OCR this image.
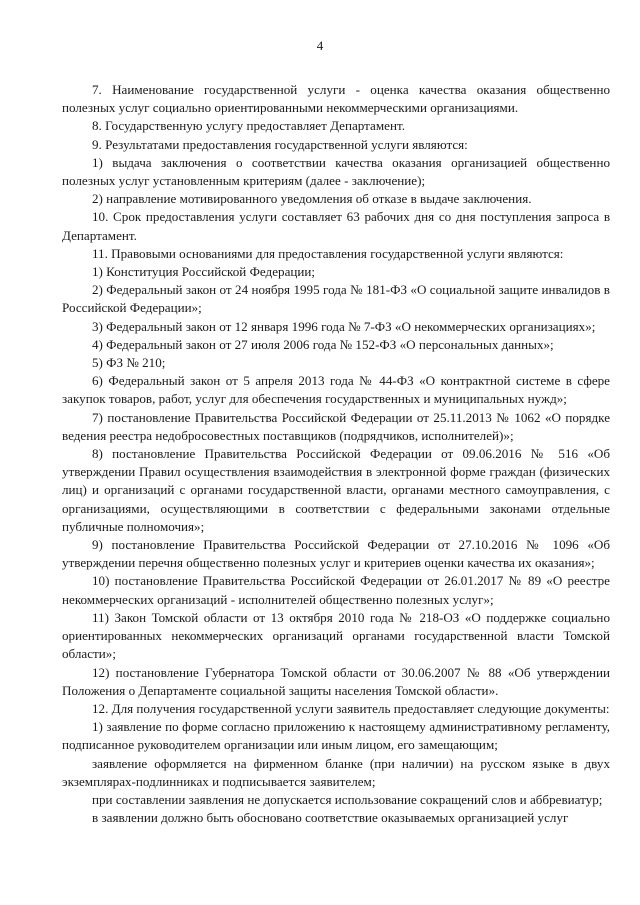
4

7. Наименование государственной услуги - оценка качества оказания общественно полезных услуг социально ориентированными некоммерческими организациями.

8. Государственную услугу предоставляет Департамент.

9. Результатами предоставления государственной услуги являются:

1) выдача заключения о соответствии качества оказания организацией общественно полезных услуг установленным критериям (далее - заключение);

2) направление мотивированного уведомления об отказе в выдаче заключения.

10. Срок предоставления услуги составляет 63 рабочих дня со дня поступления запроса в Департамент.

11. Правовыми основаниями для предоставления государственной услуги являются:

1) Конституция Российской Федерации;

2) Федеральный закон от 24 ноября 1995 года № 181-ФЗ «О социальной защите инвалидов в Российской Федерации»;

3) Федеральный закон от 12 января 1996 года № 7-ФЗ «О некоммерческих организациях»;

4) Федеральный закон от 27 июля 2006 года № 152-ФЗ «О персональных данных»;

5) ФЗ № 210;

6) Федеральный закон от 5 апреля 2013 года № 44-ФЗ «О контрактной системе в сфере закупок товаров, работ, услуг для обеспечения государственных и муниципальных нужд»;

7) постановление Правительства Российской Федерации от 25.11.2013 № 1062 «О порядке ведения реестра недобросовестных поставщиков (подрядчиков, исполнителей)»;

8) постановление Правительства Российской Федерации от 09.06.2016 № 516 «Об утверждении Правил осуществления взаимодействия в электронной форме граждан (физических лиц) и организаций с органами государственной власти, органами местного самоуправления, с организациями, осуществляющими в соответствии с федеральными законами отдельные публичные полномочия»;

9) постановление Правительства Российской Федерации от 27.10.2016 № 1096 «Об утверждении перечня общественно полезных услуг и критериев оценки качества их оказания»;

10) постановление Правительства Российской Федерации от 26.01.2017 № 89 «О реестре некоммерческих организаций - исполнителей общественно полезных услуг»;

11) Закон Томской области от 13 октября 2010 года № 218-ОЗ «О поддержке социально ориентированных некоммерческих организаций органами государственной власти Томской области»;

12) постановление Губернатора Томской области от 30.06.2007 № 88 «Об утверждении Положения о Департаменте социальной защиты населения Томской области».

12. Для получения государственной услуги заявитель предоставляет следующие документы:

1) заявление по форме согласно приложению к настоящему административному регламенту, подписанное руководителем организации или иным лицом, его замещающим;

заявление оформляется на фирменном бланке (при наличии) на русском языке в двух экземплярах-подлинниках и подписывается заявителем;

при составлении заявления не допускается использование сокращений слов и аббревиатур;

в заявлении должно быть обосновано соответствие оказываемых организацией услуг
